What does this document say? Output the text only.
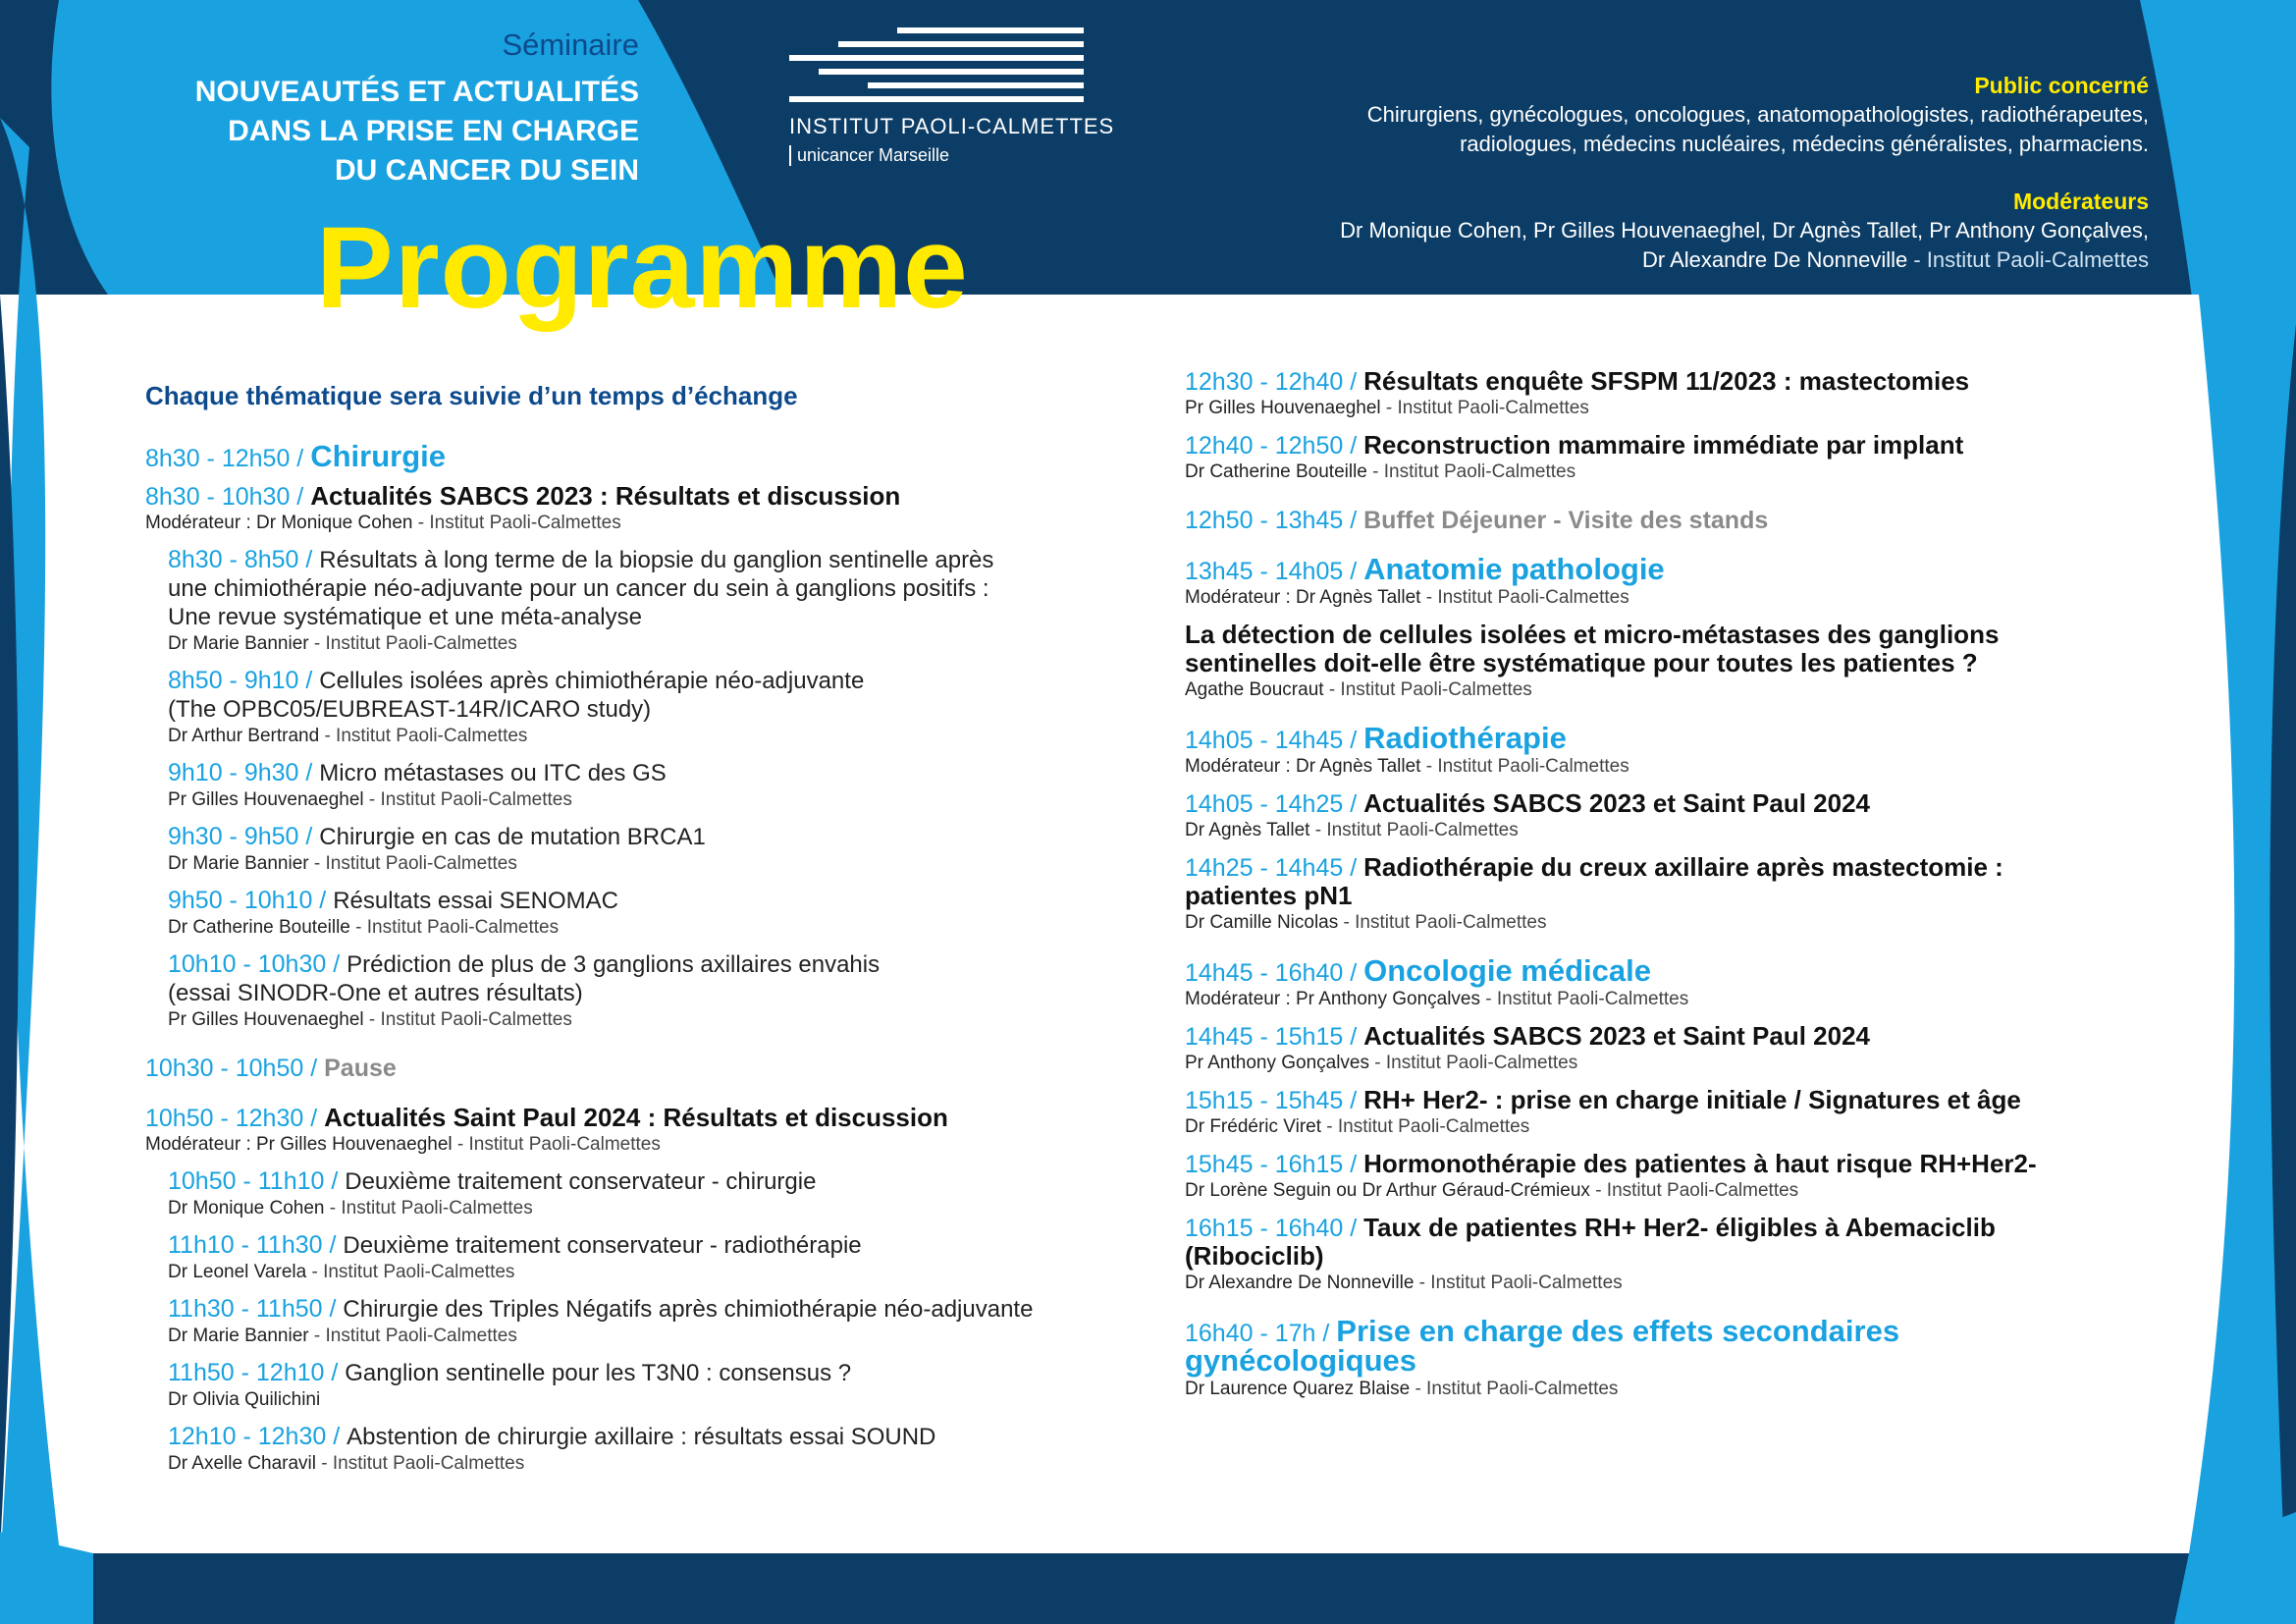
Séminaire
NOUVEAUTÉS ET ACTUALITÉS
DANS LA PRISE EN CHARGE
DU CANCER DU SEIN
Programme
INSTITUT PAOLI-CALMETTES
unicancer Marseille
Public concerné
Chirurgiens, gynécologues, oncologues, anatomopathologistes, radiothérapeutes,
radiologues, médecins nucléaires, médecins généralistes, pharmaciens.
Modérateurs
Dr Monique Cohen, Pr Gilles Houvenaeghel, Dr Agnès Tallet, Pr Anthony Gonçalves,
Dr Alexandre De Nonneville - Institut Paoli-Calmettes
Chaque thématique sera suivie d’un temps d’échange
8h30 - 12h50 / Chirurgie
8h30 - 10h30 / Actualités SABCS 2023 : Résultats et discussion
Modérateur : Dr Monique Cohen - Institut Paoli-Calmettes
8h30 - 8h50 / Résultats à long terme de la biopsie du ganglion sentinelle après
une chimiothérapie néo-adjuvante pour un cancer du sein à ganglions positifs :
Une revue systématique et une méta-analyse
Dr Marie Bannier - Institut Paoli-Calmettes
8h50 - 9h10 / Cellules isolées après chimiothérapie néo-adjuvante
(The OPBC05/EUBREAST-14R/ICARO study)
Dr Arthur Bertrand - Institut Paoli-Calmettes
9h10 - 9h30 / Micro métastases ou ITC des GS
Pr Gilles Houvenaeghel - Institut Paoli-Calmettes
9h30 - 9h50 / Chirurgie en cas de mutation BRCA1
Dr Marie Bannier - Institut Paoli-Calmettes
9h50 - 10h10 / Résultats essai SENOMAC
Dr Catherine Bouteille - Institut Paoli-Calmettes
10h10 - 10h30 / Prédiction de plus de 3 ganglions axillaires envahis
(essai SINODR-One et autres résultats)
Pr Gilles Houvenaeghel - Institut Paoli-Calmettes
10h30 - 10h50 / Pause
10h50 - 12h30 / Actualités Saint Paul 2024 : Résultats et discussion
Modérateur : Pr Gilles Houvenaeghel - Institut Paoli-Calmettes
10h50 - 11h10 / Deuxième traitement conservateur - chirurgie
Dr Monique Cohen - Institut Paoli-Calmettes
11h10 - 11h30 / Deuxième traitement conservateur - radiothérapie
Dr Leonel Varela - Institut Paoli-Calmettes
11h30 - 11h50 / Chirurgie des Triples Négatifs après chimiothérapie néo-adjuvante
Dr Marie Bannier - Institut Paoli-Calmettes
11h50 - 12h10 / Ganglion sentinelle pour les T3N0 : consensus ?
Dr Olivia Quilichini
12h10 - 12h30 / Abstention de chirurgie axillaire : résultats essai SOUND
Dr Axelle Charavil - Institut Paoli-Calmettes
12h30 - 12h40 / Résultats enquête SFSPM 11/2023 : mastectomies
Pr Gilles Houvenaeghel - Institut Paoli-Calmettes
12h40 - 12h50 / Reconstruction mammaire immédiate par implant
Dr Catherine Bouteille - Institut Paoli-Calmettes
12h50 - 13h45 / Buffet Déjeuner - Visite des stands
13h45 - 14h05 / Anatomie pathologie
Modérateur : Dr Agnès Tallet - Institut Paoli-Calmettes
La détection de cellules isolées et micro-métastases des ganglions
sentinelles doit-elle être systématique pour toutes les patientes ?
Agathe Boucraut - Institut Paoli-Calmettes
14h05 - 14h45 / Radiothérapie
Modérateur : Dr Agnès Tallet - Institut Paoli-Calmettes
14h05 - 14h25 / Actualités SABCS 2023 et Saint Paul 2024
Dr Agnès Tallet - Institut Paoli-Calmettes
14h25 - 14h45 / Radiothérapie du creux axillaire après mastectomie :
patientes pN1
Dr Camille Nicolas - Institut Paoli-Calmettes
14h45 - 16h40 / Oncologie médicale
Modérateur : Pr Anthony Gonçalves - Institut Paoli-Calmettes
14h45 - 15h15 / Actualités SABCS 2023 et Saint Paul 2024
Pr Anthony Gonçalves - Institut Paoli-Calmettes
15h15 - 15h45 / RH+ Her2- : prise en charge initiale / Signatures et âge
Dr Frédéric Viret - Institut Paoli-Calmettes
15h45 - 16h15 / Hormonothérapie des patientes à haut risque RH+Her2-
Dr Lorène Seguin ou Dr Arthur Géraud-Crémieux - Institut Paoli-Calmettes
16h15 - 16h40 / Taux de patientes RH+ Her2- éligibles à Abemaciclib
(Ribociclib)
Dr Alexandre De Nonneville - Institut Paoli-Calmettes
16h40 - 17h / Prise en charge des effets secondaires
gynécologiques
Dr Laurence Quarez Blaise - Institut Paoli-Calmettes
